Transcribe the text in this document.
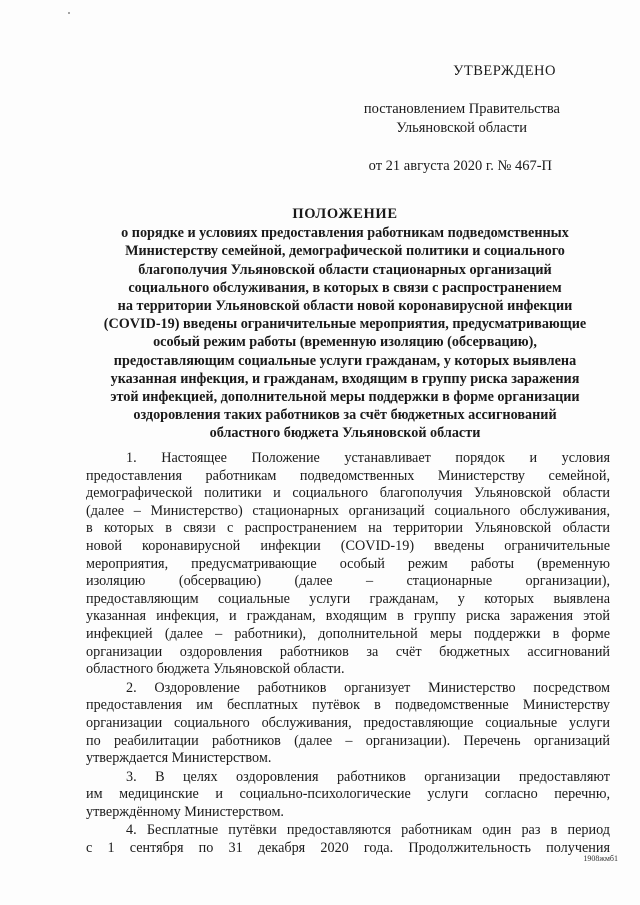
УТВЕРЖДЕНО
постановлением Правительства
Ульяновской области
от 21 августа 2020 г. № 467-П
ПОЛОЖЕНИЕ
о порядке и условиях предоставления работникам подведомственных
Министерству семейной, демографической политики и социального
благополучия Ульяновской области стационарных организаций
социального обслуживания, в которых в связи с распространением
на территории Ульяновской области новой коронавирусной инфекции
(COVID-19) введены ограничительные мероприятия, предусматривающие
особый режим работы (временную изоляцию (обсервацию),
предоставляющим социальные услуги гражданам, у которых выявлена
указанная инфекция, и гражданам, входящим в группу риска заражения
этой инфекцией, дополнительной меры поддержки в форме организации
оздоровления таких работников за счёт бюджетных ассигнований
областного бюджета Ульяновской области
1. Настоящее Положение устанавливает порядок и условия
предоставления работникам подведомственных Министерству семейной,
демографической политики и социального благополучия Ульяновской области
(далее – Министерство) стационарных организаций социального обслуживания,
в которых в связи с распространением на территории Ульяновской области
новой коронавирусной инфекции (COVID-19) введены ограничительные
мероприятия, предусматривающие особый режим работы (временную
изоляцию (обсервацию) (далее – стационарные организации),
предоставляющим социальные услуги гражданам, у которых выявлена
указанная инфекция, и гражданам, входящим в группу риска заражения этой
инфекцией (далее – работники), дополнительной меры поддержки в форме
организации оздоровления работников за счёт бюджетных ассигнований
областного бюджета Ульяновской области.
2. Оздоровление работников организует Министерство посредством
предоставления им бесплатных путёвок в подведомственные Министерству
организации социального обслуживания, предоставляющие социальные услуги
по реабилитации работников (далее – организации). Перечень организаций
утверждается Министерством.
3. В целях оздоровления работников организации предоставляют
им медицинские и социально-психологические услуги согласно перечню,
утверждённому Министерством.
4. Бесплатные путёвки предоставляются работникам один раз в период
с 1 сентября по 31 декабря 2020 года. Продолжительность получения
1908жмб1
